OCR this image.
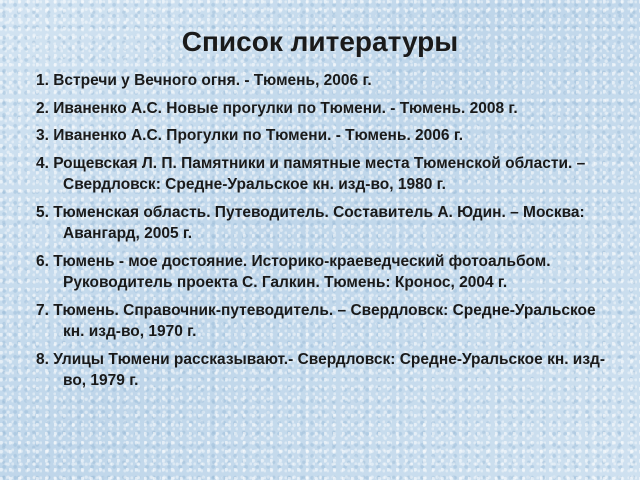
Список литературы
1. Встречи у Вечного огня. - Тюмень, 2006 г.
2. Иваненко А.С. Новые прогулки по Тюмени. - Тюмень. 2008 г.
3. Иваненко А.С. Прогулки по Тюмени. - Тюмень. 2006 г.
4. Рощевская Л. П. Памятники и памятные места Тюменской области. – Свердловск: Средне-Уральское кн. изд-во, 1980 г.
5. Тюменская область. Путеводитель. Составитель А. Юдин. – Москва: Авангард, 2005 г.
6. Тюмень - мое достояние. Историко-краеведческий фотоальбом. Руководитель проекта С. Галкин. Тюмень: Кронос, 2004 г.
7. Тюмень. Справочник-путеводитель. – Свердловск: Средне-Уральское кн. изд-во, 1970 г.
8. Улицы Тюмени рассказывают.- Свердловск: Средне-Уральское кн. изд-во, 1979 г.
